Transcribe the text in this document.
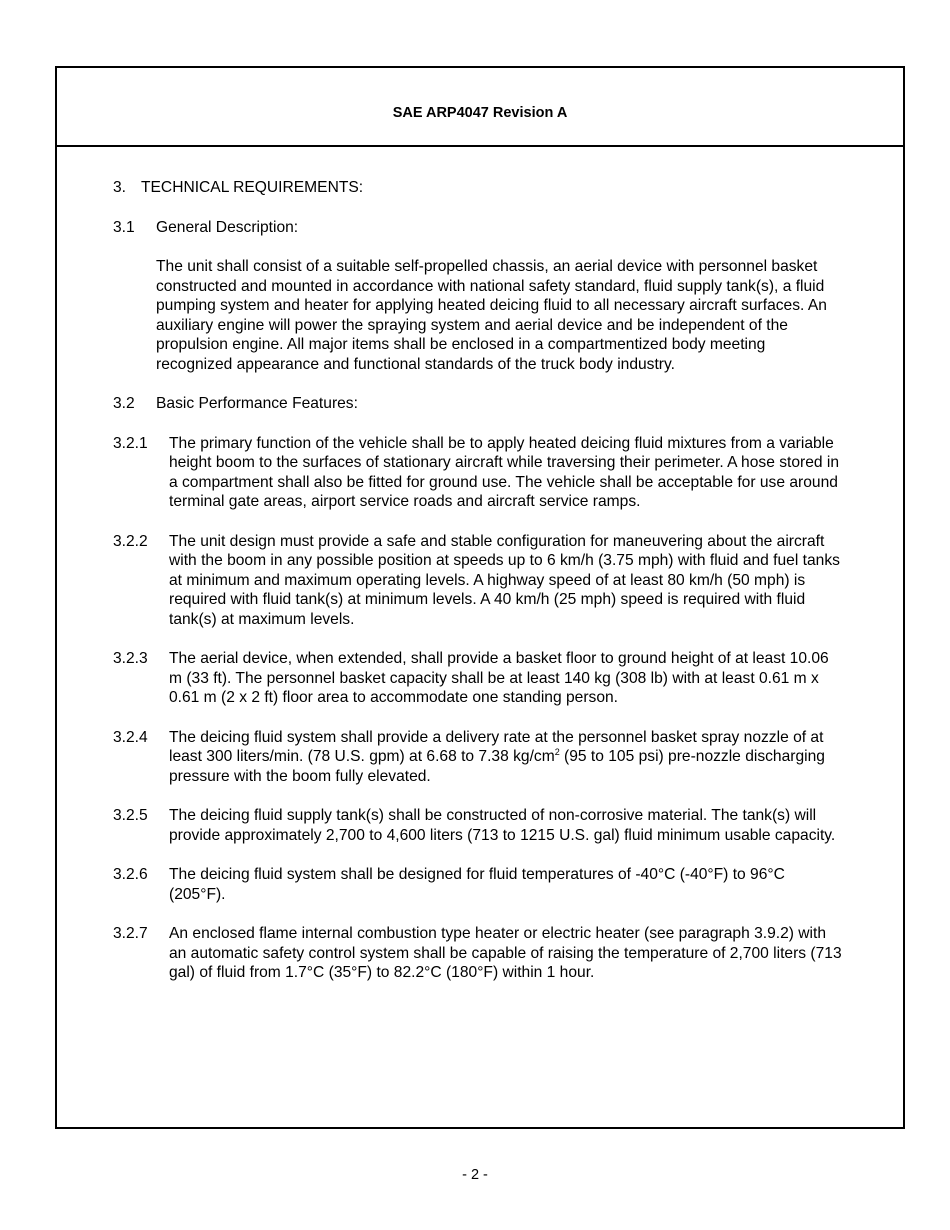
SAE ARP4047 Revision A
3. TECHNICAL REQUIREMENTS:
3.1	General Description:
The unit shall consist of a suitable self-propelled chassis, an aerial device with personnel basket constructed and mounted in accordance with national safety standard, fluid supply tank(s), a fluid pumping system and heater for applying heated deicing fluid to all necessary aircraft surfaces. An auxiliary engine will power the spraying system and aerial device and be independent of the propulsion engine. All major items shall be enclosed in a compartmentized body meeting recognized appearance and functional standards of the truck body industry.
3.2	Basic Performance Features:
3.2.1	The primary function of the vehicle shall be to apply heated deicing fluid mixtures from a variable height boom to the surfaces of stationary aircraft while traversing their perimeter. A hose stored in a compartment shall also be fitted for ground use. The vehicle shall be acceptable for use around terminal gate areas, airport service roads and aircraft service ramps.
3.2.2	The unit design must provide a safe and stable configuration for maneuvering about the aircraft with the boom in any possible position at speeds up to 6 km/h (3.75 mph) with fluid and fuel tanks at minimum and maximum operating levels. A highway speed of at least 80 km/h (50 mph) is required with fluid tank(s) at minimum levels. A 40 km/h (25 mph) speed is required with fluid tank(s) at maximum levels.
3.2.3	The aerial device, when extended, shall provide a basket floor to ground height of at least 10.06 m (33 ft). The personnel basket capacity shall be at least 140 kg (308 lb) with at least 0.61 m x 0.61 m (2 x 2 ft) floor area to accommodate one standing person.
3.2.4	The deicing fluid system shall provide a delivery rate at the personnel basket spray nozzle of at least 300 liters/min. (78 U.S. gpm) at 6.68 to 7.38 $kg/cm^2$ (95 to 105 psi) pre-nozzle discharging pressure with the boom fully elevated.
3.2.5	The deicing fluid supply tank(s) shall be constructed of non-corrosive material. The tank(s) will provide approximately 2,700 to 4,600 liters (713 to 1215 U.S. gal) fluid minimum usable capacity.
3.2.6	The deicing fluid system shall be designed for fluid temperatures of -40°C (-40°F) to 96°C (205°F).
3.2.7	An enclosed flame internal combustion type heater or electric heater (see paragraph 3.9.2) with an automatic safety control system shall be capable of raising the temperature of 2,700 liters (713 gal) of fluid from 1.7°C (35°F) to 82.2°C (180°F) within 1 hour.
- 2 -
